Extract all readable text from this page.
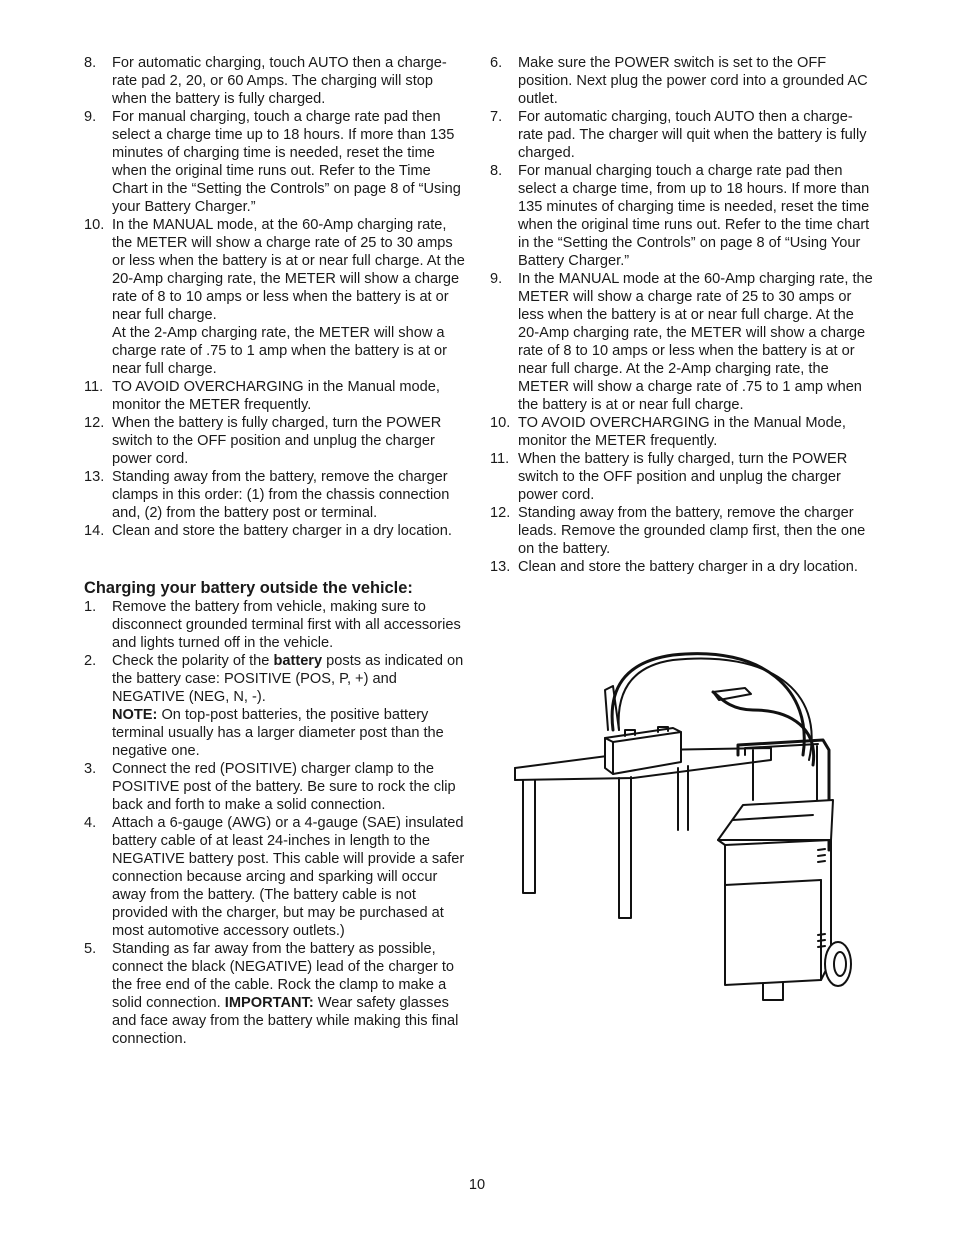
8.	For automatic charging, touch AUTO then a charge-rate pad 2, 20, or 60 Amps. The charging will stop when the battery is fully charged.
9.	For manual charging, touch a charge rate pad then select a charge time up to 18 hours. If more than 135 minutes of charging time is needed, reset the time when the original time runs out. Refer to the Time Chart in the “Setting the Controls” on page 8 of “Using your Battery Charger.”
10. In the MANUAL mode, at the 60-Amp charging rate, the METER will show a charge rate of 25 to 30 amps or less when the battery is at or near full charge. At the 20-Amp charging rate, the METER will show a charge rate of 8 to 10 amps or less when the battery is at or near full charge.
At the 2-Amp charging rate, the METER will show a charge rate of .75 to 1 amp when the battery is at or near full charge.
11. TO AVOID OVERCHARGING in the Manual mode, monitor the METER frequently.
12. When the battery is fully charged, turn the POWER switch to the OFF position and unplug the charger power cord.
13. Standing away from the battery, remove the charger clamps in this order: (1) from the chassis connection and, (2) from the battery post or terminal.
14. Clean and store the battery charger in a dry location.
Charging your battery outside the vehicle:
1.	Remove the battery from vehicle, making sure to disconnect grounded terminal first with all accessories and lights turned off in the vehicle.
2.	Check the polarity of the battery posts as indicated on the battery case: POSITIVE (POS, P, +) and NEGATIVE (NEG, N, -).
NOTE: On top-post batteries, the positive battery terminal usually has a larger diameter post than the negative one.
3.	Connect the red (POSITIVE) charger clamp to the POSITIVE post of the battery. Be sure to rock the clip back and forth to make a solid connection.
4.	Attach a 6-gauge (AWG) or a 4-gauge (SAE) insulated battery cable of at least 24-inches in length to the NEGATIVE battery post. This cable will provide a safer connection because arcing and sparking will occur away from the battery. (The battery cable is not provided with the charger, but may be purchased at most automotive accessory outlets.)
5.	Standing as far away from the battery as possible, connect the black (NEGATIVE) lead of the charger to the free end of the cable. Rock the clamp to make a solid connection. IMPORTANT: Wear safety glasses and face away from the battery while making this final connection.
6.	Make sure the POWER switch is set to the OFF position. Next plug the power cord into a grounded AC outlet.
7.	For automatic charging, touch AUTO then a charge-rate pad. The charger will quit when the battery is fully charged.
8.	For manual charging touch a charge rate pad then select a charge time, from up to 18 hours. If more than 135 minutes of charging time is needed, reset the time when the original time runs out. Refer to the time chart in the “Setting the Controls” on page 8 of “Using Your Battery Charger.”
9.	In the MANUAL mode at the 60-Amp charging rate, the METER will show a charge rate of 25 to 30 amps or less when the battery is at or near full charge. At the 20-Amp charging rate, the METER will show a charge rate of 8 to 10 amps or less when the battery is at or near full charge. At the 2-Amp charging rate, the METER will show a charge rate of .75 to 1 amp when the battery is at or near full charge.
10. TO AVOID OVERCHARGING in the Manual Mode, monitor the METER frequently.
11. When the battery is fully charged, turn the POWER switch to the OFF position and unplug the charger power cord.
12. Standing away from the battery, remove the charger leads. Remove the grounded clamp first, then the one on the battery.
13. Clean and store the battery charger in a dry location.
10
